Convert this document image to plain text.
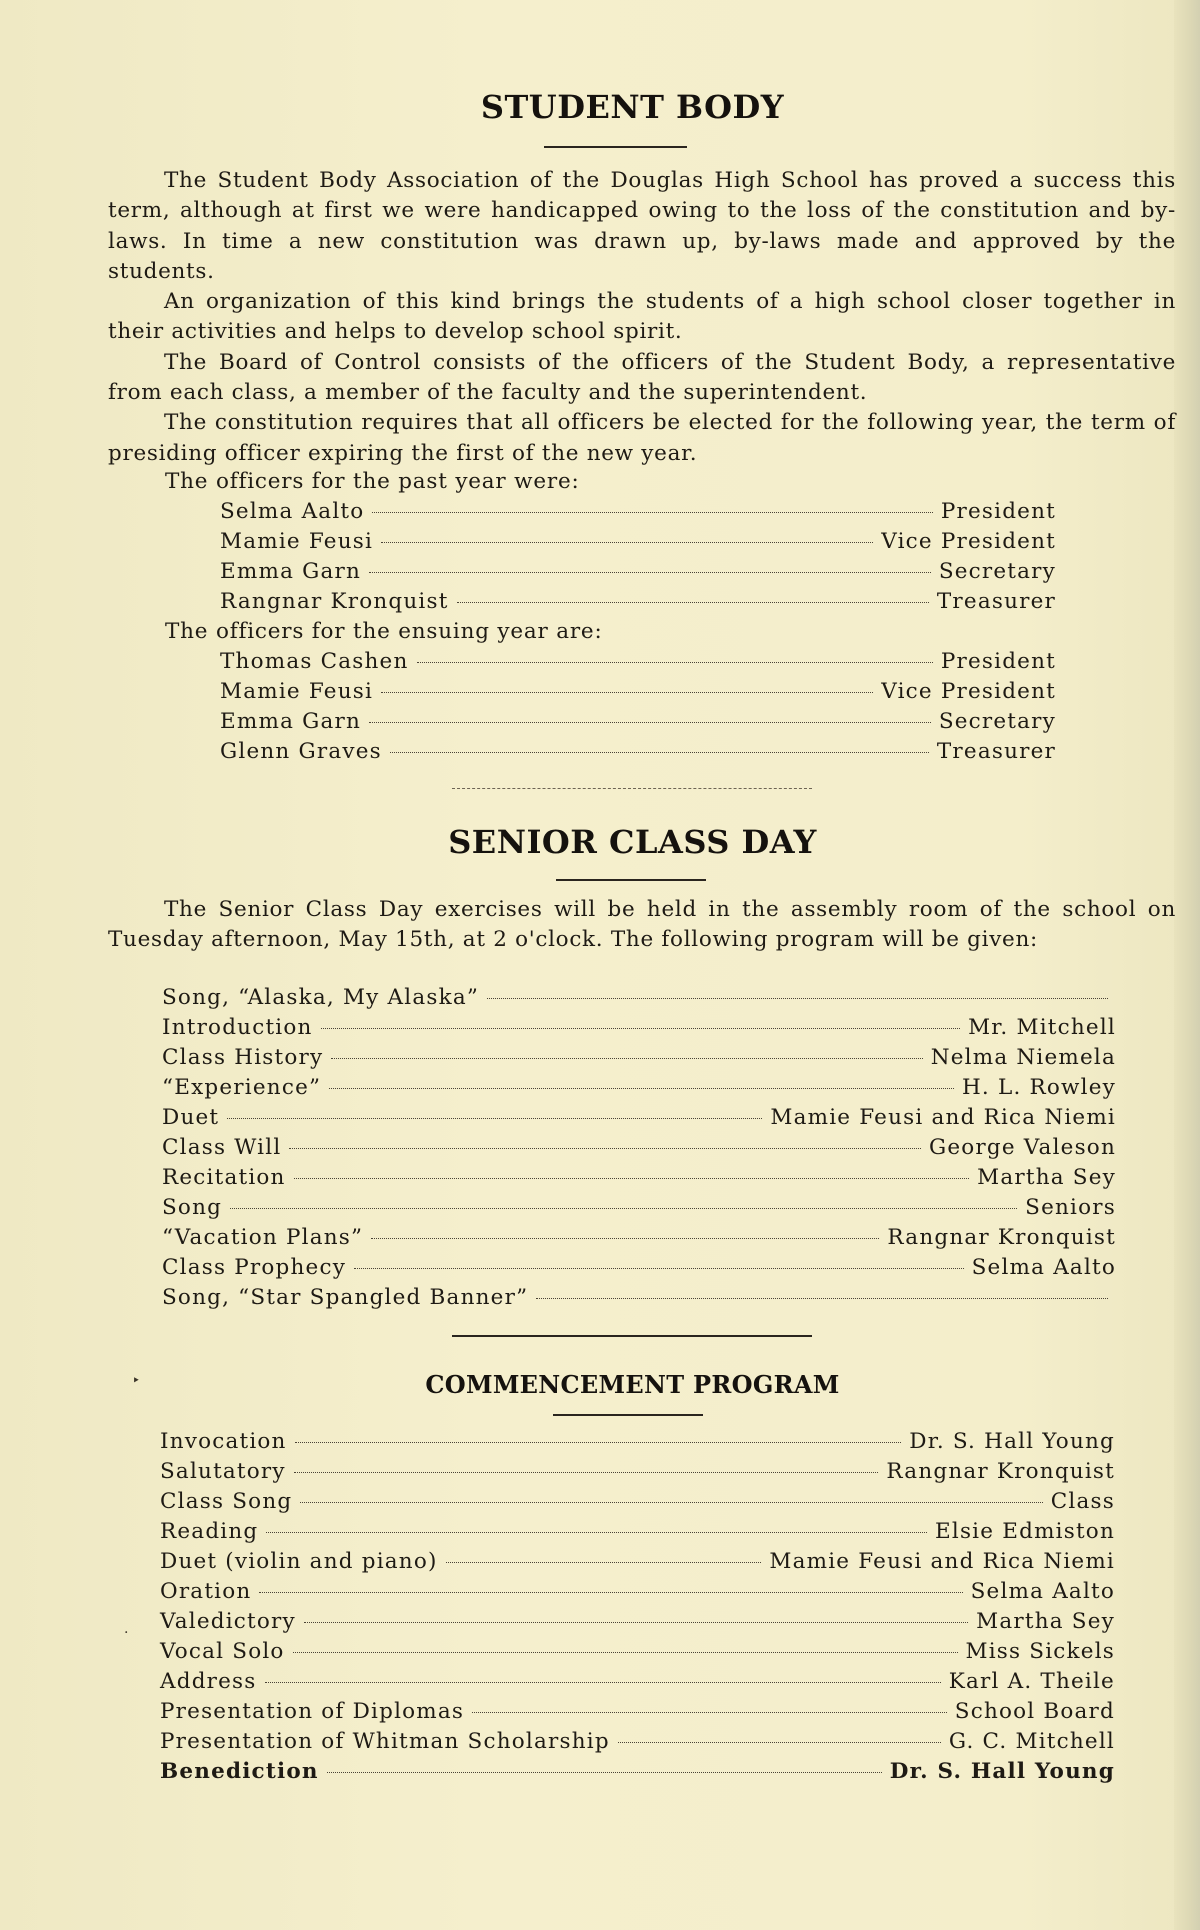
STUDENT BODY

The Student Body Association of the Douglas High School has proved a success this term, although at first we were handicapped owing to the loss of the constitution and by-laws. In time a new constitution was drawn up, by-laws made and approved by the students.

An organization of this kind brings the students of a high school closer together in their activities and helps to develop school spirit.

The Board of Control consists of the officers of the Student Body, a representative from each class, a member of the faculty and the superintendent.

The constitution requires that all officers be elected for the following year, the term of presiding officer expiring the first of the new year.

The officers for the past year were:
Selma Aalto	President
Mamie Feusi	Vice President
Emma Garn	Secretary
Rangnar Kronquist	Treasurer
The officers for the ensuing year are:
Thomas Cashen	President
Mamie Feusi	Vice President
Emma Garn	Secretary
Glenn Graves	Treasurer
SENIOR CLASS DAY

The Senior Class Day exercises will be held in the assembly room of the school on Tuesday afternoon, May 15th, at 2 o'clock. The following program will be given:

Song, “Alaska, My Alaska”
Introduction	Mr. Mitchell
Class History	Nelma Niemela
“Experience”	H. L. Rowley
Duet	Mamie Feusi and Rica Niemi
Class Will	George Valeson
Recitation	Martha Sey
Song	Seniors
“Vacation Plans”	Rangnar Kronquist
Class Prophecy	Selma Aalto
Song, “Star Spangled Banner”
‣	COMMENCEMENT PROGRAM
Invocation	Dr. S. Hall Young
Salutatory	Rangnar Kronquist
Class Song	Class
Reading	Elsie Edmiston
Duet (violin and piano)	Mamie Feusi and Rica Niemi
Oration	Selma Aalto
. Valedictory	Martha Sey
Vocal Solo	Miss Sickels
Address	Karl A. Theile
Presentation of Diplomas	School Board
Presentation of Whitman Scholarship	G. C. Mitchell
Benediction	Dr. S. Hall Young
